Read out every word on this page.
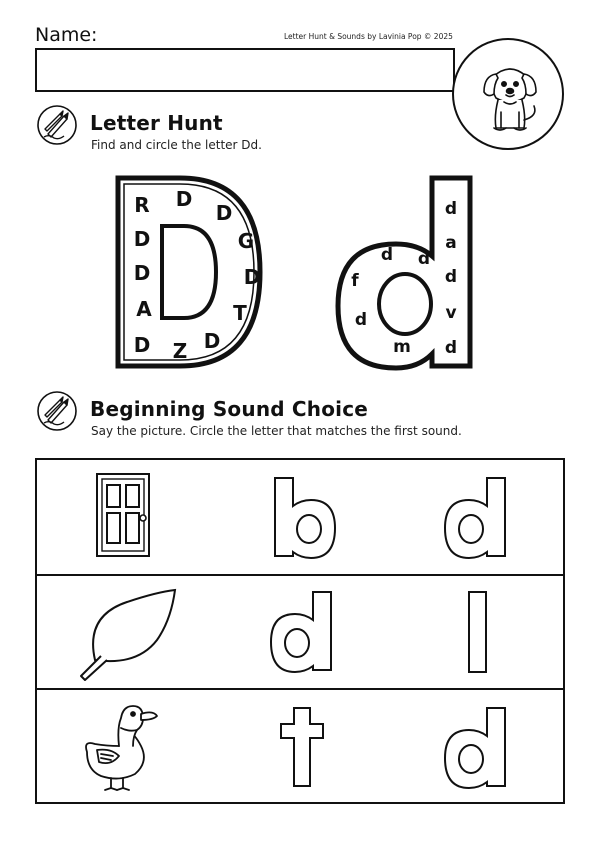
Name:	Letter Hunt & Sounds by Lavinia Pop © 2025
Letter Hunt
Find and circle the letter Dd.
R D
D
D	G
D	D
A	T
D Z D
d
a
d d
d
f
d	v
d
m
Beginning Sound Choice
Say the picture. Circle the letter that matches the first sound.
b	d
d	l
t	d
